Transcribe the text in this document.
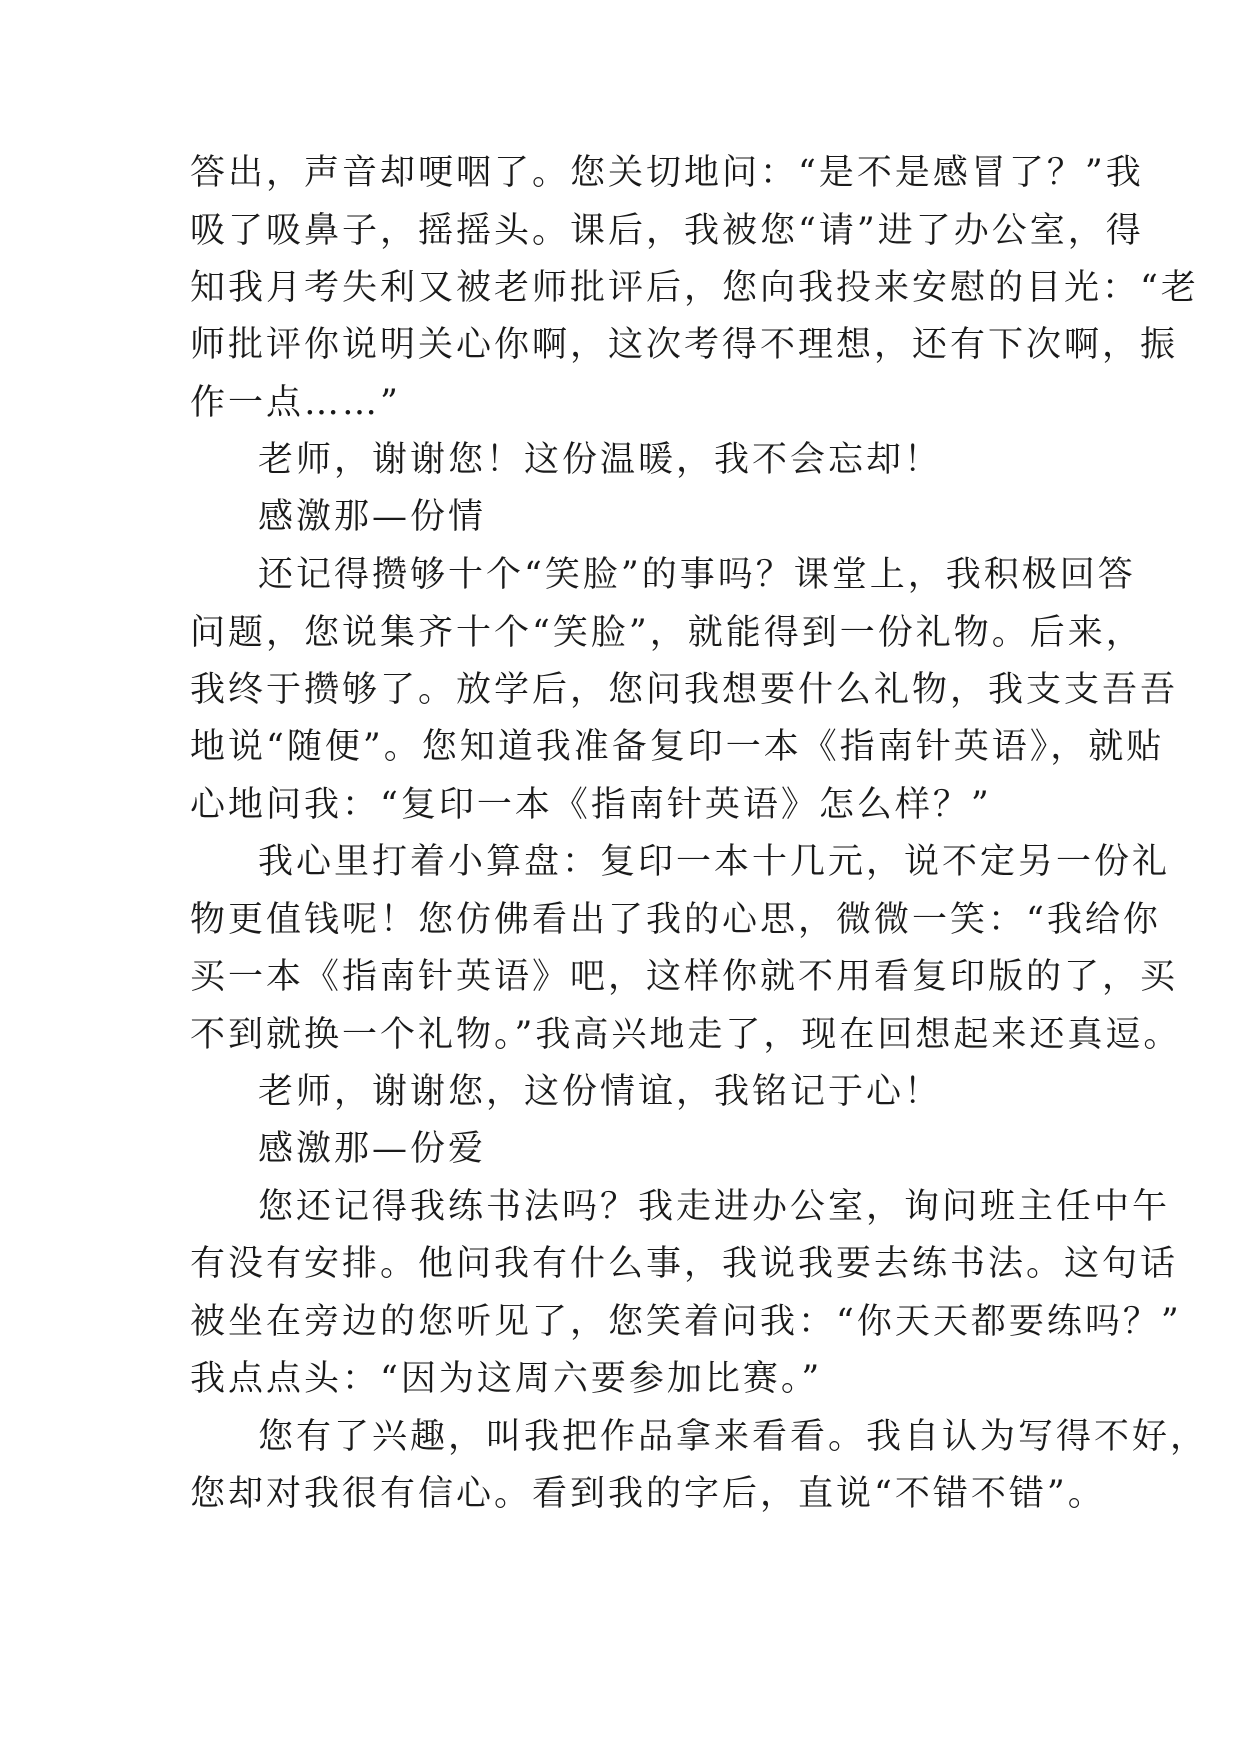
答出，声音却哽咽了。您关切地问：“是不是感冒了？”我
吸了吸鼻子，摇摇头。课后，我被您“请”进了办公室，得
知我月考失利又被老师批评后，您向我投来安慰的目光：“老
师批评你说明关心你啊，这次考得不理想，还有下次啊，振
作一点……”
老师，谢谢您！这份温暖，我不会忘却！
感激那—份情
还记得攒够十个“笑脸”的事吗？课堂上，我积极回答
问题，您说集齐十个“笑脸”，就能得到一份礼物。后来，
我终于攒够了。放学后，您问我想要什么礼物，我支支吾吾
地说“随便”。您知道我准备复印一本《指南针英语》，就贴
心地问我：“复印一本《指南针英语》怎么样？”
我心里打着小算盘：复印一本十几元，说不定另一份礼
物更值钱呢！您仿佛看出了我的心思，微微一笑：“我给你
买一本《指南针英语》吧，这样你就不用看复印版的了，买
不到就换一个礼物。”我高兴地走了，现在回想起来还真逗。
老师，谢谢您，这份情谊，我铭记于心！
感激那—份爱
您还记得我练书法吗？我走进办公室，询问班主任中午
有没有安排。他问我有什么事，我说我要去练书法。这句话
被坐在旁边的您听见了，您笑着问我：“你天天都要练吗？”
我点点头：“因为这周六要参加比赛。”
您有了兴趣，叫我把作品拿来看看。我自认为写得不好，
您却对我很有信心。看到我的字后，直说“不错不错”。
